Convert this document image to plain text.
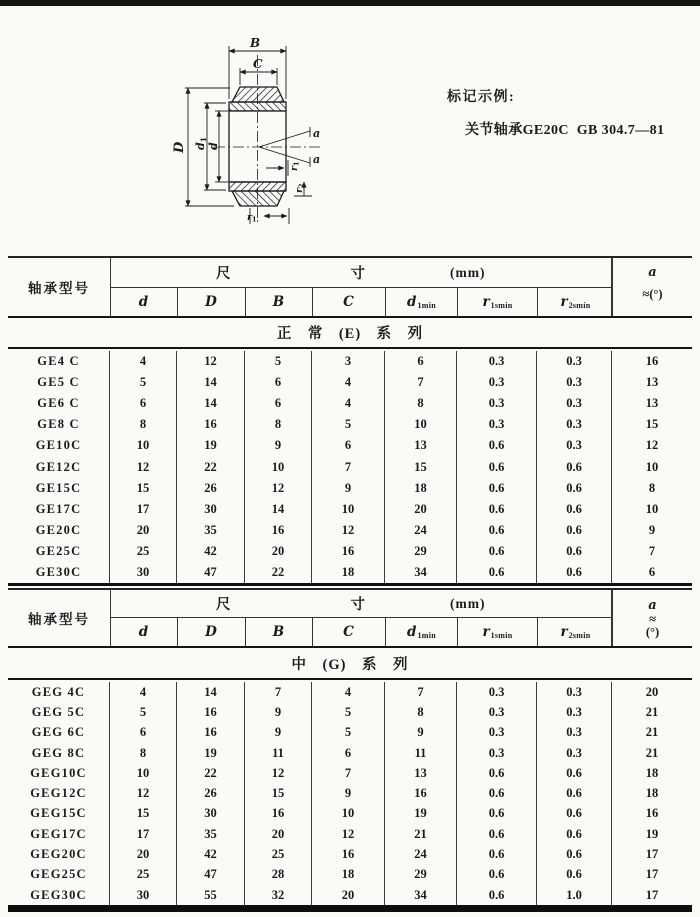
B
C
D d1
d
a
a
r1
r2
r1.
标记示例:
关节轴承GE20C  GB 304.7—81
轴承型号
尺	寸	(mm)
d	D	B	C	d 1min	r 1smin	r 2smin
a
≈(°)
正　常　(E)　系　列
GE4 C	4	12	5	3	6	0.3	0.3	16
GE5 C	5	14	6	4	7	0.3	0.3	13
GE6 C	6	14	6	4	8	0.3	0.3	13
GE8 C	8	16	8	5	10	0.3	0.3	15
GE10C	10	19	9	6	13	0.6	0.3	12
GE12C	12	22	10	7	15	0.6	0.6	10
GE15C	15	26	12	9	18	0.6	0.6	8
GE17C	17	30	14	10	20	0.6	0.6	10
GE20C	20	35	16	12	24	0.6	0.6	9
GE25C	25	42	20	16	29	0.6	0.6	7
GE30C	30	47	22	18	34	0.6	0.6	6
轴承型号
尺	寸	(mm)
d	D	B	C	d 1min	r 1smin	r 2smin
a
≈
(°)
中　(G)　系　列
GEG 4C	4	14	7	4	7	0.3	0.3	20
GEG 5C	5	16	9	5	8	0.3	0.3	21
GEG 6C	6	16	9	5	9	0.3	0.3	21
GEG 8C	8	19	11	6	11	0.3	0.3	21
GEG10C	10	22	12	7	13	0.6	0.6	18
GEG12C	12	26	15	9	16	0.6	0.6	18
GEG15C	15	30	16	10	19	0.6	0.6	16
GEG17C	17	35	20	12	21	0.6	0.6	19
GEG20C	20	42	25	16	24	0.6	0.6	17
GEG25C	25	47	28	18	29	0.6	0.6	17
GEG30C	30	55	32	20	34	0.6	1.0	17
